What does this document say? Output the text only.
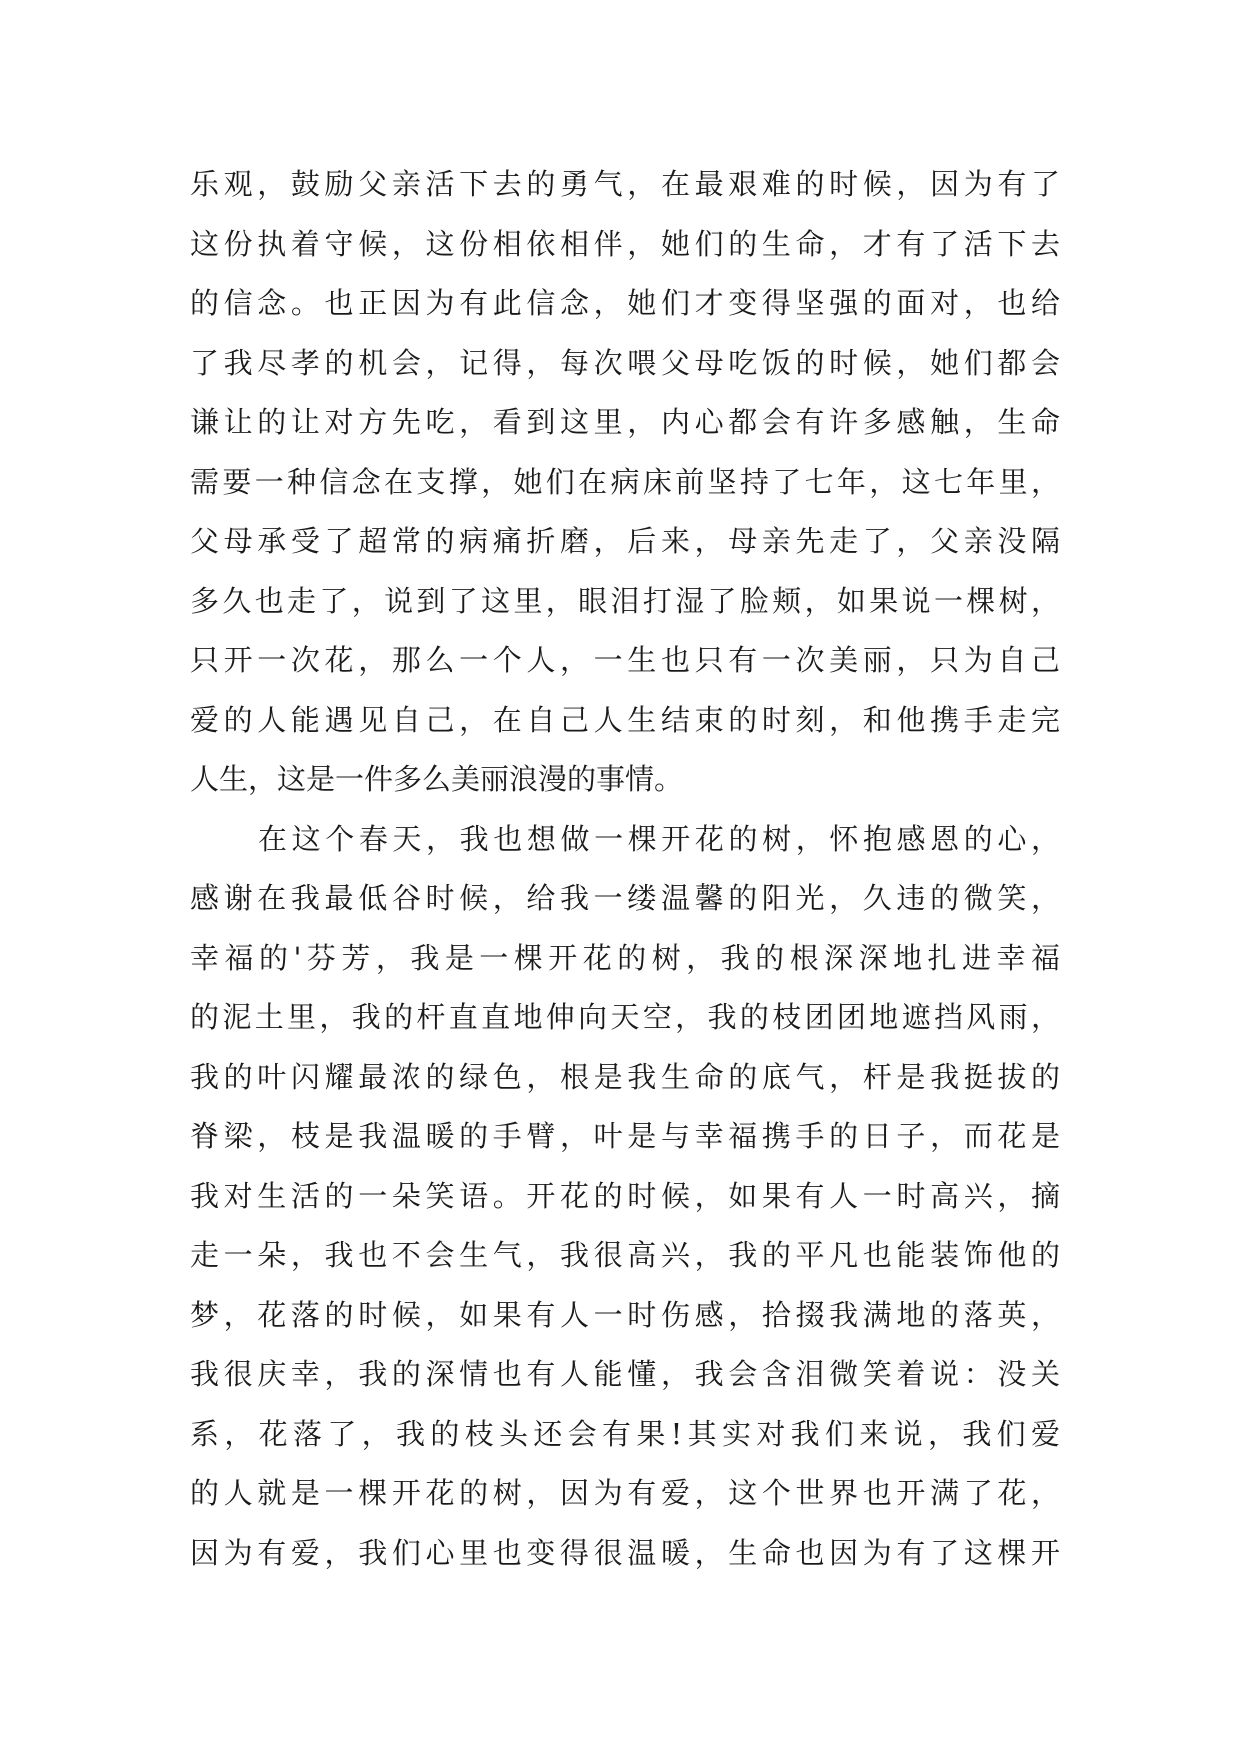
乐观，鼓励父亲活下去的勇气，在最艰难的时候，因为有了
这份执着守候，这份相依相伴，她们的生命，才有了活下去
的信念。也正因为有此信念，她们才变得坚强的面对，也给
了我尽孝的机会，记得，每次喂父母吃饭的时候，她们都会
谦让的让对方先吃，看到这里，内心都会有许多感触，生命
需要一种信念在支撑，她们在病床前坚持了七年，这七年里，
父母承受了超常的病痛折磨，后来，母亲先走了，父亲没隔
多久也走了，说到了这里，眼泪打湿了脸颊，如果说一棵树，
只开一次花，那么一个人，一生也只有一次美丽，只为自己
爱的人能遇见自己，在自己人生结束的时刻，和他携手走完
人生，这是一件多么美丽浪漫的事情。
在这个春天，我也想做一棵开花的树，怀抱感恩的心，
感谢在我最低谷时候，给我一缕温馨的阳光，久违的微笑，
幸福的'芬芳，我是一棵开花的树，我的根深深地扎进幸福
的泥土里，我的杆直直地伸向天空，我的枝团团地遮挡风雨，
我的叶闪耀最浓的绿色，根是我生命的底气，杆是我挺拔的
脊梁，枝是我温暖的手臂，叶是与幸福携手的日子，而花是
我对生活的一朵笑语。开花的时候，如果有人一时高兴，摘
走一朵，我也不会生气，我很高兴，我的平凡也能装饰他的
梦，花落的时候，如果有人一时伤感，拾掇我满地的落英，
我很庆幸，我的深情也有人能懂，我会含泪微笑着说：没关
系，花落了，我的枝头还会有果!其实对我们来说，我们爱
的人就是一棵开花的树，因为有爱，这个世界也开满了花，
因为有爱，我们心里也变得很温暖，生命也因为有了这棵开
